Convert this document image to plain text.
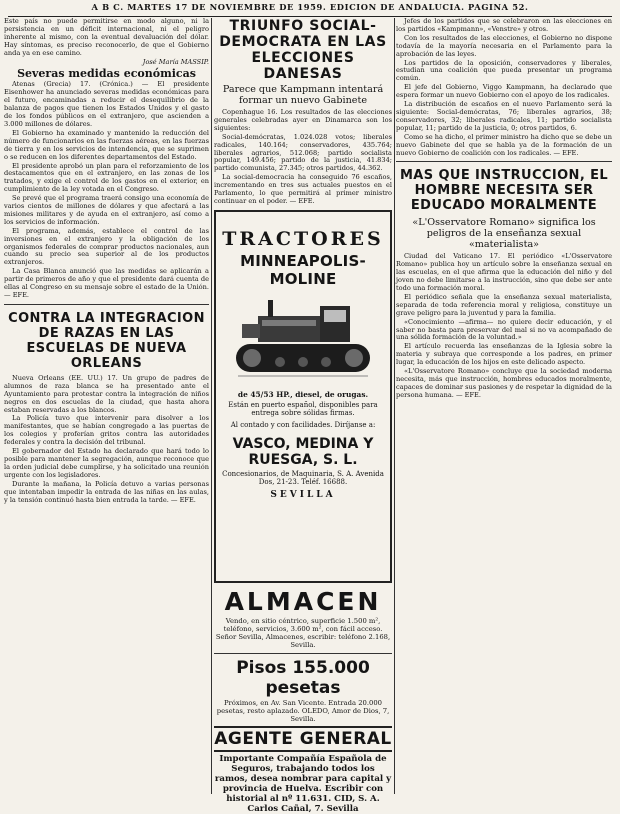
A B C. MARTES 17 DE NOVIEMBRE DE 1959. EDICION DE ANDALUCIA. PAGINA 52.

Este país no puede permitirse en modo alguno, ni la persistencia en un déficit internacional, ni el peligro inherente al mismo, con la eventual devaluación del dólar. Hay síntomas, es preciso reconocerlo, de que el Gobierno anda ya en ese camino.

José María MASSIP.

Severas medidas económicas

Atenas (Grecia) 17. (Crónica.) — El presidente Eisenhower ha anunciado severas medidas económicas para el futuro, encaminadas a reducir el desequilibrio de la balanza de pagos que tienen los Estados Unidos y el gasto de los fondos públicos en el extranjero, que ascienden a 3.000 millones de dólares.

El Gobierno ha examinado y mantenido la reducción del número de funcionarios en las fuerzas aéreas, en las fuerzas de tierra y en los servicios de intendencia, que se suprimen o se reducen en los diferentes departamentos del Estado.

El presidente aprobó un plan para el reforzamiento de los destacamentos que en el extranjero, en las zonas de los tratados, y exige el control de los gastos en el exterior, en cumplimiento de la ley votada en el Congreso.

Se prevé que el programa traerá consigo una economía de varios cientos de millones de dólares y que afectará a las misiones militares y de ayuda en el extranjero, así como a los servicios de información.

El programa, además, establece el control de las inversiones en el extranjero y la obligación de los organismos federales de comprar productos nacionales, aun cuando su precio sea superior al de los productos extranjeros.

La Casa Blanca anunció que las medidas se aplicarán a partir de primeros de año y que el presidente dará cuenta de ellas al Congreso en su mensaje sobre el estado de la Unión. — EFE.

CONTRA LA INTEGRACION DE RAZAS EN LAS ESCUELAS DE NUEVA ORLEANS

Nueva Orleans (EE. UU.) 17. Un grupo de padres de alumnos de raza blanca se ha presentado ante el Ayuntamiento para protestar contra la integración de niños negros en dos escuelas de la ciudad, que hasta ahora estaban reservadas a los blancos.

La Policía tuvo que intervenir para disolver a los manifestantes, que se habían congregado a las puertas de los colegios y proferían gritos contra las autoridades federales y contra la decisión del tribunal.

El gobernador del Estado ha declarado que hará todo lo posible para mantener la segregación, aunque reconoce que la orden judicial debe cumplirse, y ha solicitado una reunión urgente con los legisladores.

Durante la mañana, la Policía detuvo a varias personas que intentaban impedir la entrada de las niñas en las aulas, y la tensión continuó hasta bien entrada la tarde. — EFE.

TRIUNFO SOCIAL-DEMOCRATA EN LAS ELECCIONES DANESAS
Parece que Kampmann intentará formar un nuevo Gabinete

Copenhague 16. Los resultados de las elecciones generales celebradas ayer en Dinamarca son los siguientes:

Social-demócratas, 1.024.028 votos; liberales radicales, 140.164; conservadores, 435.764; liberales agrarios, 512.068; partido socialista popular, 149.456; partido de la justicia, 41.834; partido comunista, 27.345; otros partidos, 44.362.

La social-democracia ha conseguido 76 escaños, incrementando en tres sus actuales puestos en el Parlamento, lo que permitirá al primer ministro continuar en el poder. — EFE.

TRACTORES
MINNEAPOLIS-MOLINE
de 45/53 HP., diesel, de orugas.
Están en puerto español, disponibles para entrega sobre sólidas firmas.
Al contado y con facilidades. Diríjanse a:
VASCO, MEDINA Y RUESGA, S. L.
Concesionarios, de Maquinaria, S. A. Avenida Dos, 21-23. Teléf. 16688.
SEVILLA
ALMACEN

Vendo, en sitio céntrico, superficie 1.500 m², teléfono, servicios, 3.600 m², con fácil acceso. Señor Sevilla, Almacenes, escribir: teléfono 2.168, Sevilla.

Pisos 155.000 pesetas

Próximos, en Av. San Vicente. Entrada 20.000 pesetas, resto aplazado. OLEDO, Amor de Dios, 7, Sevilla.

AGENTE GENERAL

Importante Compañía Española de Seguros, trabajando todos los ramos, desea nombrar para capital y provincia de Huelva. Escribir con historial al nº 11.631. CID, S. A. Carlos Cañal, 7. Sevilla

Jefes de los partidos que se celebraron en las elecciones en los partidos «Kampmann», «Venstre» y otros.

Con los resultados de las elecciones, el Gobierno no dispone todavía de la mayoría necesaria en el Parlamento para la aprobación de las leyes.

Los partidos de la oposición, conservadores y liberales, estudian una coalición que pueda presentar un programa común.

El jefe del Gobierno, Viggo Kampmann, ha declarado que espera formar un nuevo Gobierno con el apoyo de los radicales.

La distribución de escaños en el nuevo Parlamento será la siguiente: Social-demócratas, 76; liberales agrarios, 38; conservadores, 32; liberales radicales, 11; partido socialista popular, 11; partido de la justicia, 0; otros partidos, 6.

Como se ha dicho, el primer ministro ha dicho que se debe un nuevo Gabinete del que se habla ya de la formación de un nuevo Gobierno de coalición con los radicales. — EFE.

MAS QUE INSTRUCCION, EL HOMBRE NECESITA SER EDUCADO MORALMENTE
«L'Osservatore Romano» significa los peligros de la enseñanza sexual «materialista»

Ciudad del Vaticano 17. El periódico «L'Osservatore Romano» publica hoy un artículo sobre la enseñanza sexual en las escuelas, en el que afirma que la educación del niño y del joven no debe limitarse a la instrucción, sino que debe ser ante todo una formación moral.

El periódico señala que la enseñanza sexual materialista, separada de toda referencia moral y religiosa, constituye un grave peligro para la juventud y para la familia.

«Conocimiento —afirma— no quiere decir educación, y el saber no basta para preservar del mal si no va acompañado de una sólida formación de la voluntad.»

El artículo recuerda las enseñanzas de la Iglesia sobre la materia y subraya que corresponde a los padres, en primer lugar, la educación de los hijos en este delicado aspecto.

«L'Osservatore Romano» concluye que la sociedad moderna necesita, más que instrucción, hombres educados moralmente, capaces de dominar sus pasiones y de respetar la dignidad de la persona humana. — EFE.
